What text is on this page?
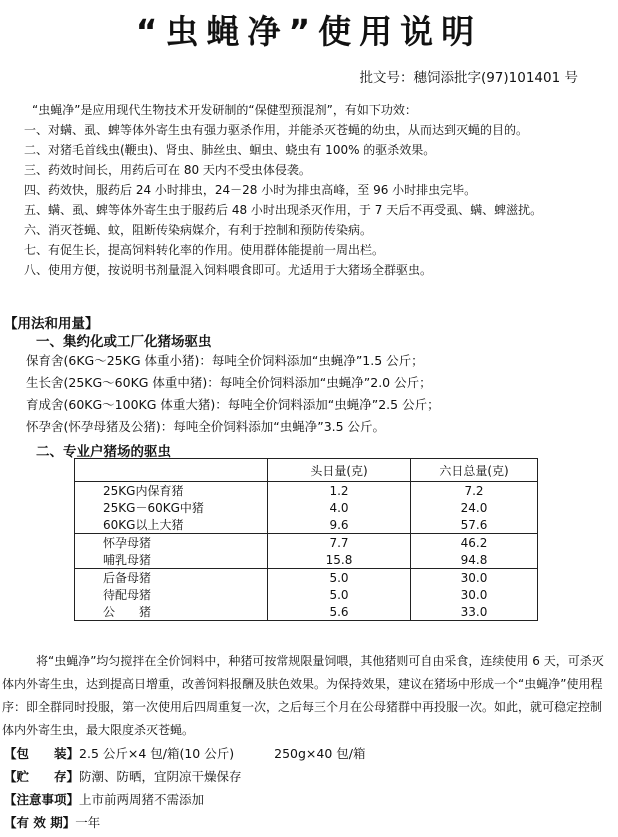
“虫蝇净”使用说明
批文号：穗饲添批字(97)101401 号
“虫蝇净”是应用现代生物技术开发研制的“保健型预混剂”，有如下功效：
一、对螨、虱、蜱等体外寄生虫有强力驱杀作用，并能杀灭苍蝇的幼虫，从而达到灭蝇的目的。
二、对猪毛首线虫(鞭虫)、肾虫、肺丝虫、蛔虫、蛲虫有 100% 的驱杀效果。
三、药效时间长，用药后可在 80 天内不受虫体侵袭。
四、药效快，服药后 24 小时排虫，24－28 小时为排虫高峰，至 96 小时排虫完毕。
五、螨、虱、蜱等体外寄生虫于服药后 48 小时出现杀灭作用，于 7 天后不再受虱、螨、蜱滋扰。
六、消灭苍蝇、蚊，阻断传染病媒介，有利于控制和预防传染病。
七、有促生长，提高饲料转化率的作用。使用群体能提前一周出栏。
八、使用方便，按说明书剂量混入饲料喂食即可。尤适用于大猪场全群驱虫。
【用法和用量】
一、集约化或工厂化猪场驱虫
保育舍(6KG～25KG 体重小猪)：每吨全价饲料添加“虫蝇净”1.5 公斤；
生长舍(25KG～60KG 体重中猪)：每吨全价饲料添加“虫蝇净”2.0 公斤；
育成舍(60KG～100KG 体重大猪)：每吨全价饲料添加“虫蝇净”2.5 公斤；
怀孕舍(怀孕母猪及公猪)：每吨全价饲料添加“虫蝇净”3.5 公斤。
二、专业户猪场的驱虫
	头日量(克)	六日总量(克)
25KG内保育猪	1.2	7.2
25KG－60KG中猪	4.0	24.0
60KG以上大猪	9.6	57.6
怀孕母猪	7.7	46.2
哺乳母猪	15.8	94.8
后备母猪	5.0	30.0
待配母猪	5.0	30.0
公　　猪	5.6	33.0
将“虫蝇净”均匀搅拌在全价饲料中，种猪可按常规限量饲喂，其他猪则可自由采食，连续使用 6 天，可杀灭体内外寄生虫，达到提高日增重，改善饲料报酬及肤色效果。为保持效果，建议在猪场中形成一个“虫蝇净”使用程序：即全群同时投服，第一次使用后四周重复一次，之后每三个月在公母猪群中再投服一次。如此，就可稳定控制体内外寄生虫，最大限度杀灭苍蝇。
【包　　装】2.5 公斤×4 包/箱(10 公斤)	250g×40 包/箱
【贮　　存】防潮、防晒，宜阴凉干燥保存
【注意事项】上市前两周猪不需添加
【有 效 期】一年
